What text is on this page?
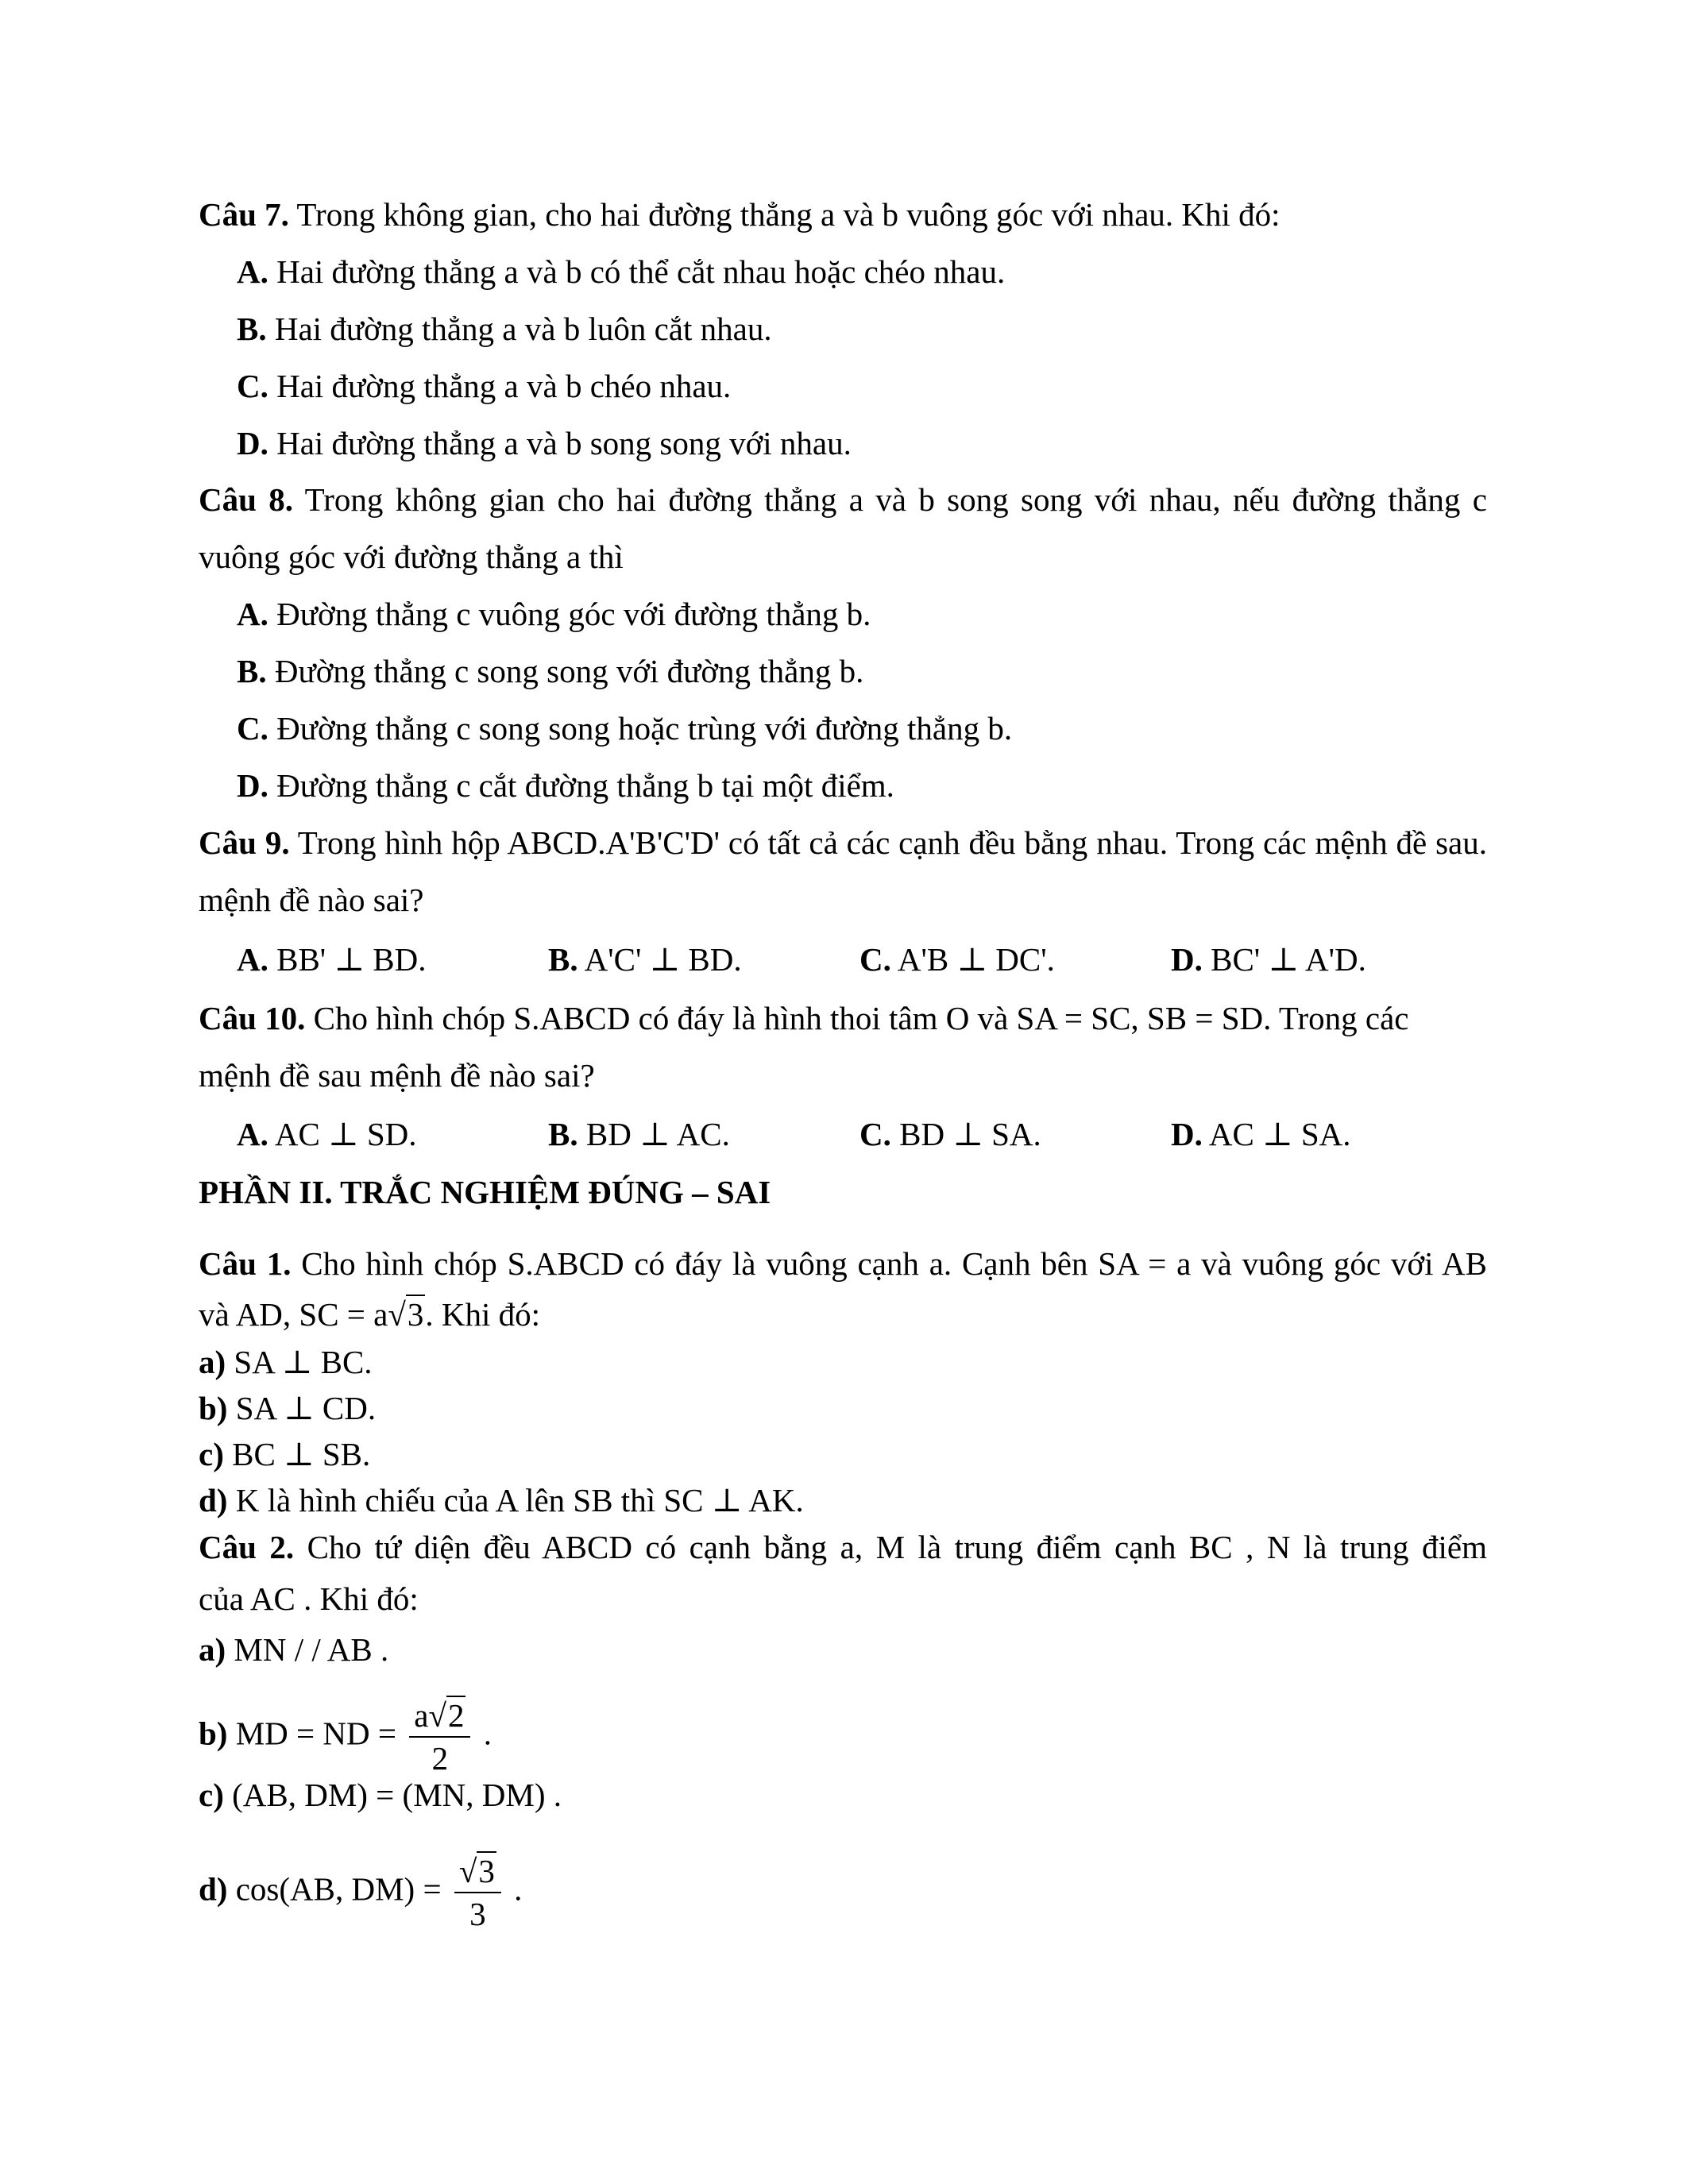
Câu 7. Trong không gian, cho hai đường thẳng a và b vuông góc với nhau. Khi đó:
A. Hai đường thẳng a và b có thể cắt nhau hoặc chéo nhau.
B. Hai đường thẳng a và b luôn cắt nhau.
C. Hai đường thẳng a và b chéo nhau.
D. Hai đường thẳng a và b song song với nhau.
Câu 8. Trong không gian cho hai đường thẳng a và b song song với nhau, nếu đường thẳng c
vuông góc với đường thẳng a thì
A. Đường thẳng c vuông góc với đường thẳng b.
B. Đường thẳng c song song với đường thẳng b.
C. Đường thẳng c song song hoặc trùng với đường thẳng b.
D. Đường thẳng c cắt đường thẳng b tại một điểm.
Câu 9. Trong hình hộp ABCD.A'B'C'D' có tất cả các cạnh đều bằng nhau. Trong các mệnh đề sau.
mệnh đề nào sai?
A. BB' ⊥ BD.	B. A'C' ⊥ BD.	C. A'B ⊥ DC'.	D. BC' ⊥ A'D.
Câu 10. Cho hình chóp S.ABCD có đáy là hình thoi tâm O và SA = SC, SB = SD. Trong các
mệnh đề sau mệnh đề nào sai?
A. AC ⊥ SD.	B. BD ⊥ AC.	C. BD ⊥ SA.	D. AC ⊥ SA.
PHẦN II. TRẮC NGHIỆM ĐÚNG – SAI
Câu 1. Cho hình chóp S.ABCD có đáy là vuông cạnh a. Cạnh bên SA = a và vuông góc với AB
và AD, SC = a√3. Khi đó:
a) SA ⊥ BC.
b) SA ⊥ CD.
c) BC ⊥ SB.
d) K là hình chiếu của A lên SB thì SC ⊥ AK.
Câu 2. Cho tứ diện đều ABCD có cạnh bằng a, M là trung điểm cạnh BC , N là trung điểm
của AC . Khi đó:
a) MN / / AB .
b) MD = ND = $\frac{a√2}{2}$ .
c) (AB, DM) = (MN, DM) .
d) cos(AB, $DM) = \frac{√3}{3}$ .
